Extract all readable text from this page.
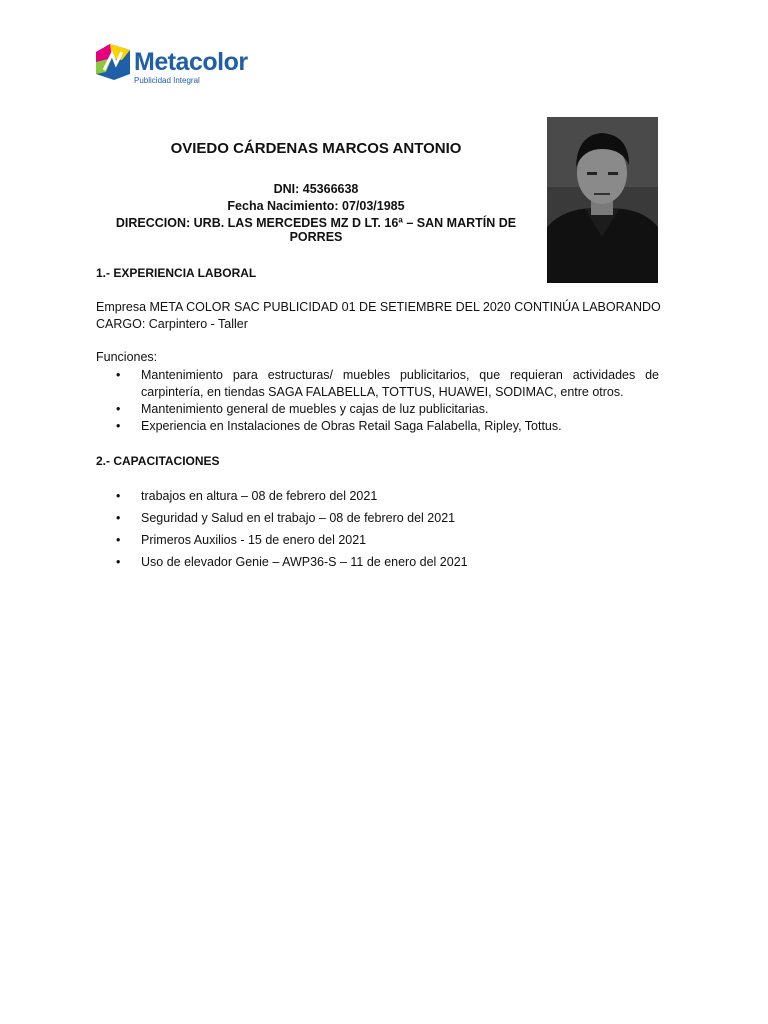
Metacolor
Publicidad Integral
OVIEDO CÁRDENAS MARCOS ANTONIO
DNI: 45366638
Fecha Nacimiento: 07/03/1985
DIRECCION: URB. LAS MERCEDES MZ D LT. 16ª – SAN MARTÍN DE PORRES
1.- EXPERIENCIA LABORAL
Empresa META COLOR SAC PUBLICIDAD 01 DE SETIEMBRE DEL 2020 CONTINÚA LABORANDO
CARGO: Carpintero - Taller
Funciones:
• Mantenimiento para estructuras/ muebles publicitarios, que requieran actividades de carpintería, en tiendas SAGA FALABELLA, TOTTUS, HUAWEI, SODIMAC, entre otros.
• Mantenimiento general de muebles y cajas de luz publicitarias.
• Experiencia en Instalaciones de Obras Retail Saga Falabella, Ripley, Tottus.
2.- CAPACITACIONES
• trabajos en altura – 08 de febrero del 2021
• Seguridad y Salud en el trabajo – 08 de febrero del 2021
• Primeros Auxilios - 15 de enero del 2021
• Uso de elevador Genie – AWP36-S – 11 de enero del 2021
